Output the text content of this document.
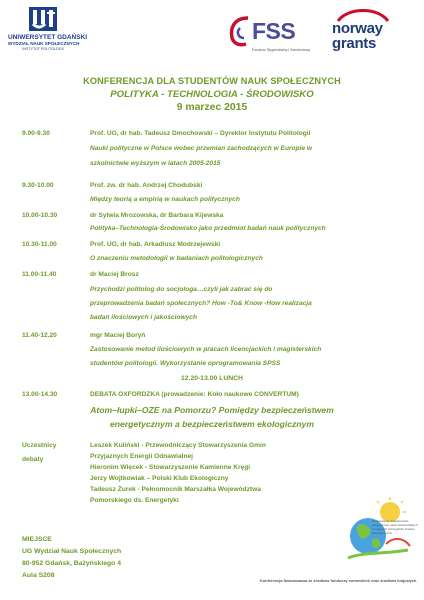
UNIWERSYTET GDAŃSKI
WYDZIAŁ NAUK SPOŁECZNYCH
INSTYTUT POLITOLOGII
FSS
Fundusz Stypendialny i Szkoleniowy
norway
grants
KONFERENCJA DLA STUDENTÓW NAUK SPOŁECZNYCH
POLITYKA - TECHNOLOGIA - ŚRODOWISKO
9 marzec 2015
9.00-9.30	Prof. UG, dr hab. Tadeusz Dmochowski – Dyrektor Instytutu Politologii
Nauki polityczne w Polsce wobec przemian zachodzących w Europie w
szkolnictwie wyższym w latach 2005-2015
9.30-10.00	Prof. zw. dr hab. Andrzej Chodubski
Między teorią a empirią w naukach politycznych
10.00-10.30	dr Sylwia Mrozowska, dr Barbara Kijewska
Polityka–Technologia-Środowisko jako przedmiot badań nauk politycznych
10.30-11.00	Prof. UG, dr hab. Arkadiusz Modrzejewski
O znaczeniu metodologii w badaniach politologicznych
11.00-11.40	dr Maciej Brosz
Przychodzi politolog do socjologa…czyli jak zabrać się do
przeprowadzenia badań społecznych? How -To& Know -How realizacja
badań ilościowych i jakościowych
11.40-12.20	mgr Maciej Boryń
Zastosowanie metod ilościowych w pracach licencjackich i magisterskich
studentów politologii. Wykorzystanie oprogramowania SPSS
12.20-13.00 LUNCH
13.00-14.30	DEBATA OXFORDZKA (prowadzenie: Koło naukowe CONVERTUM)
Atom–łupki–OZE na Pomorzu? Pomiędzy bezpieczeństwem
energetycznym a bezpieczeństwem ekologicznym
Uczestnicy
debaty
Leszek Kuliński - Przewodniczący Stowarzyszenia Gmin
Przyjaznych Energii Odnawialnej
Hieronim Więcek - Stowarzyszenie Kamienne Kręgi
Jerzy Wojtkowiak – Polski Klub Ekologiczny
Tadeusz Żurek - Pełnomocnik Marszałka Województwa
Pomorskiego ds. Energetyki
MIEJSCE
UG Wydział Nauk Społecznych
80-952 Gdańsk, Bażyńskiego 4
Aula S208
Podniesienie świadomości ekologicznej osób zamieszkałych w rejonach szczególnie Kodów Ekologicznych
Konferencja finansowana ze środków funduszy norweskich oraz środków krajowych.
